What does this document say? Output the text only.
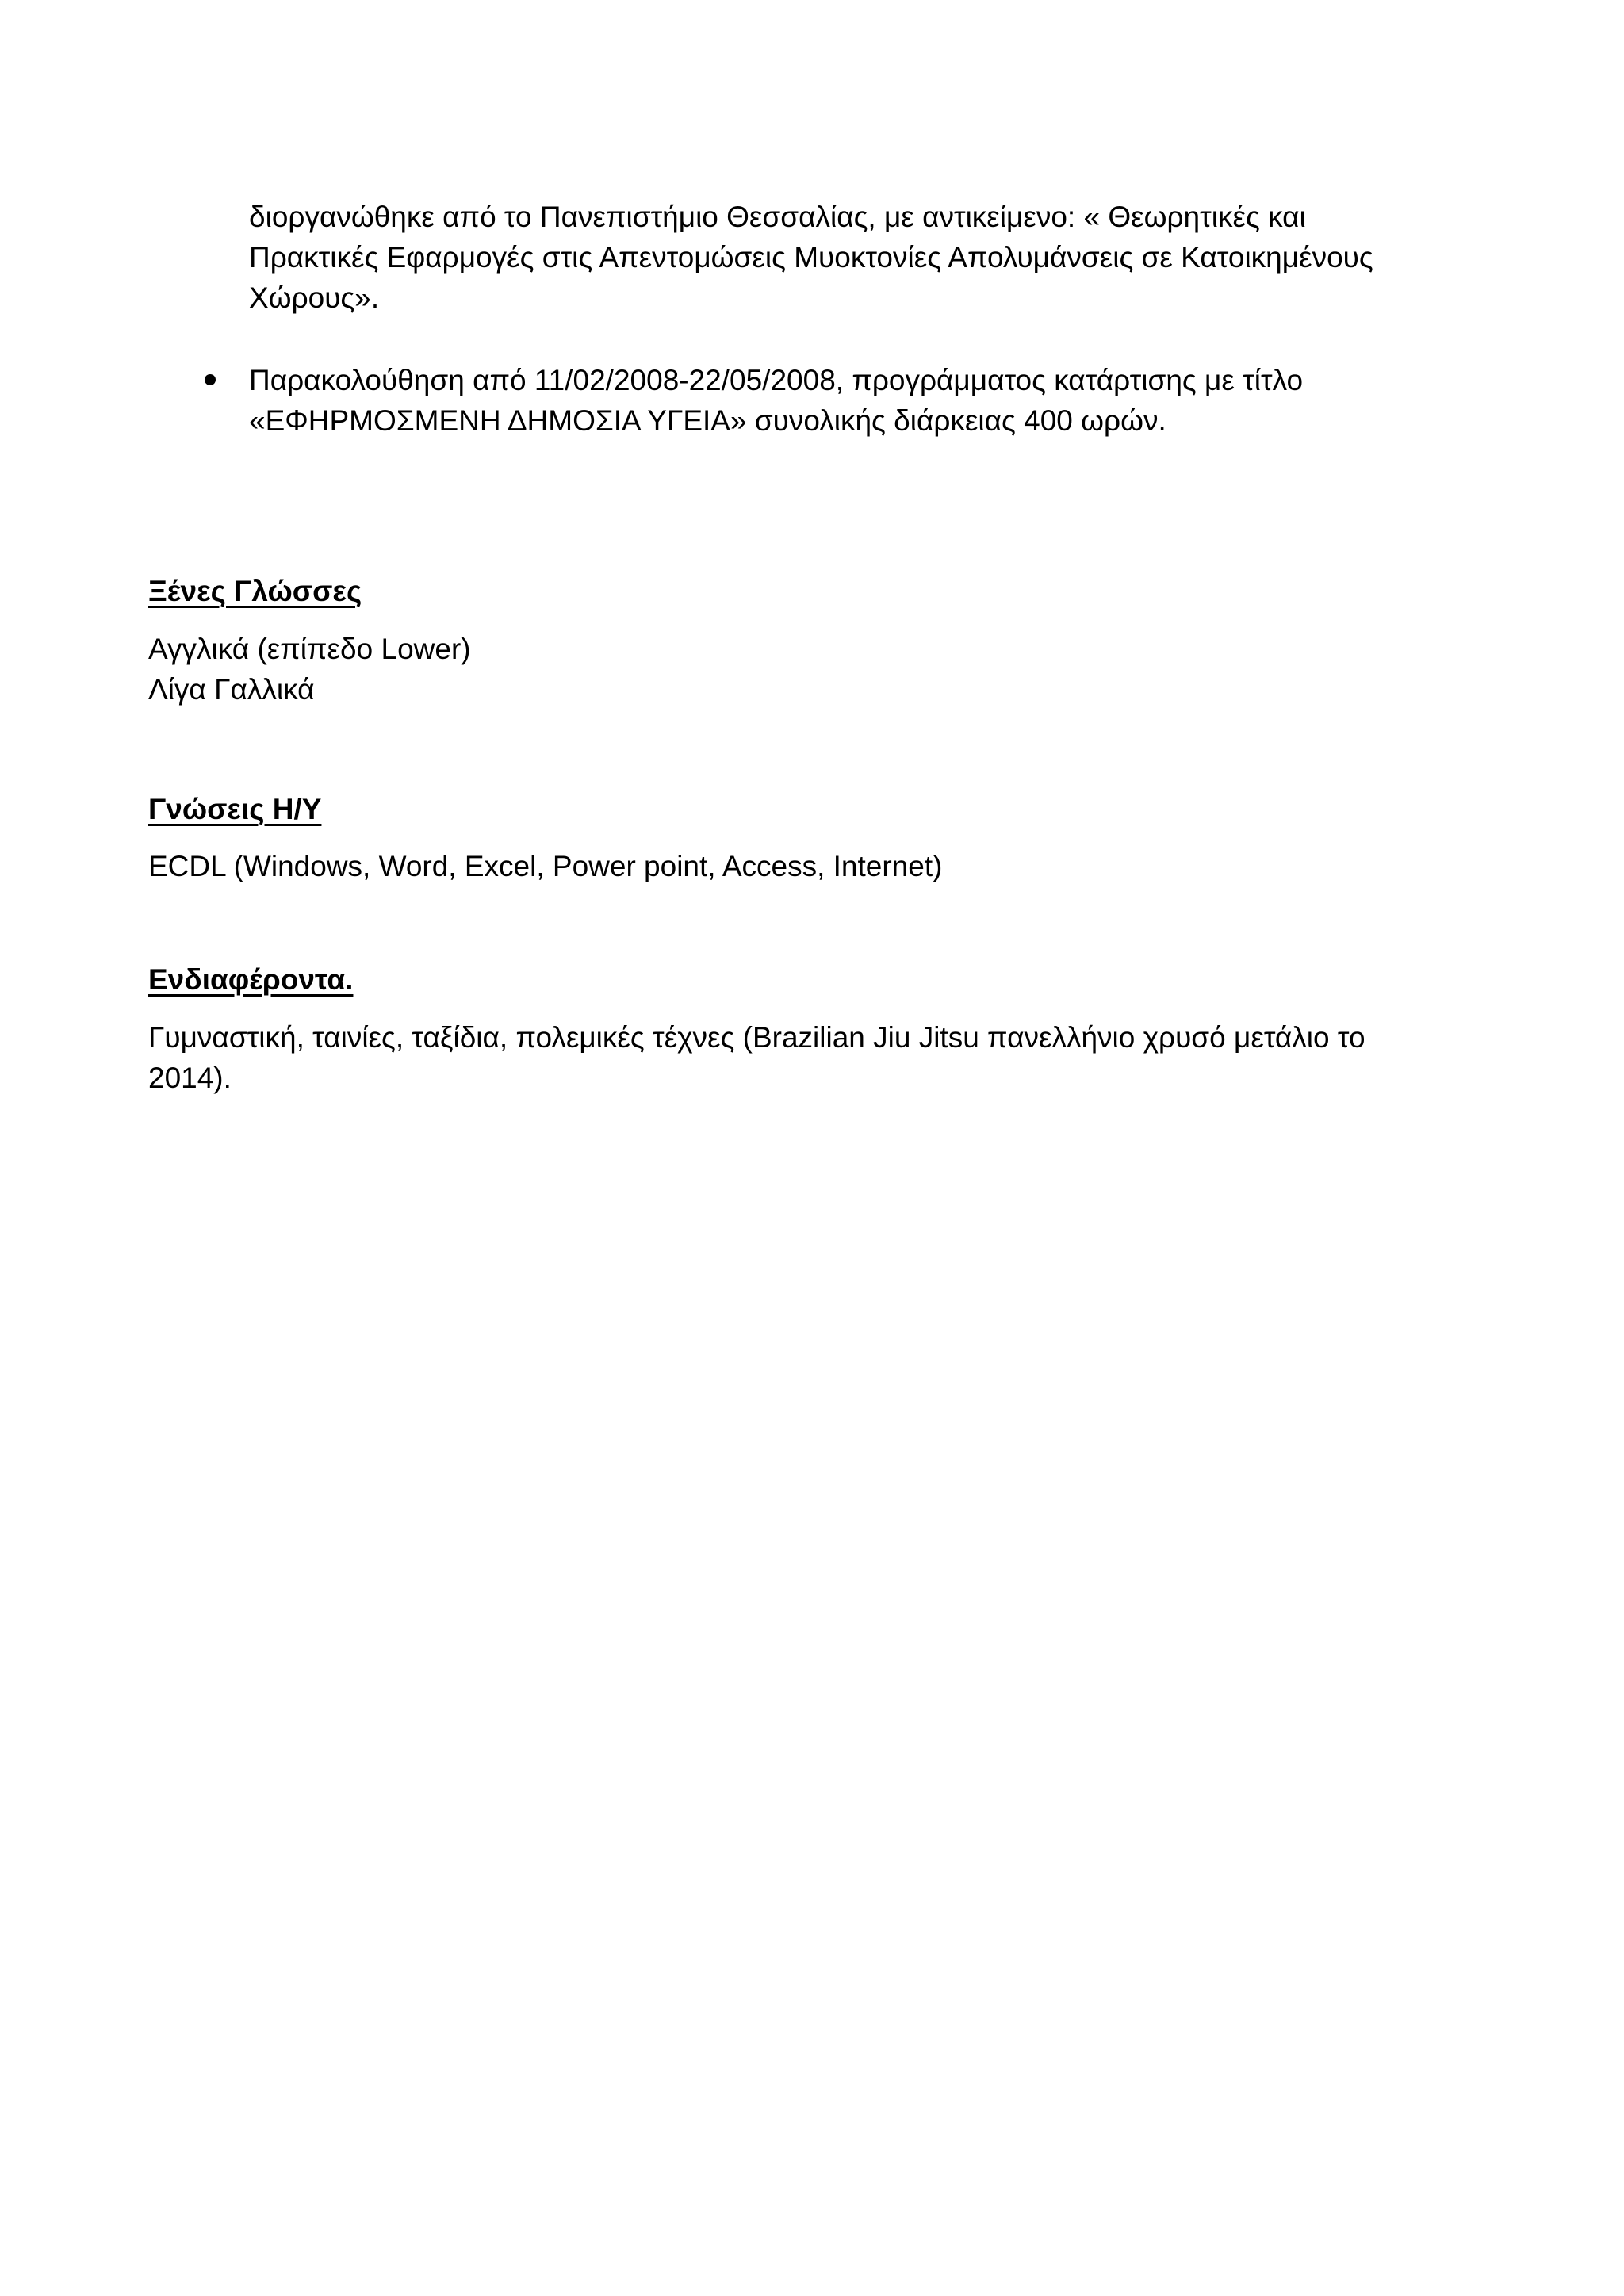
διοργανώθηκε από το Πανεπιστήμιο Θεσσαλίας, με αντικείμενο: « Θεωρητικές και
Πρακτικές Εφαρμογές στις Απεντομώσεις Μυοκτονίες Απολυμάνσεις σε Κατοικημένους
Χώρους».
Παρακολούθηση από 11/02/2008-22/05/2008, προγράμματος κατάρτισης με τίτλο
«ΕΦΗΡΜΟΣΜΕΝΗ ΔΗΜΟΣΙΑ ΥΓΕΙΑ» συνολικής διάρκειας 400 ωρών.
Ξένες Γλώσσες
Αγγλικά (επίπεδο Lower)
Λίγα Γαλλικά
Γνώσεις Η/Υ
ECDL (Windows, Word, Excel, Power point, Access, Internet)
Ενδιαφέροντα.
Γυμναστική, ταινίες, ταξίδια, πολεμικές τέχνες (Brazilian Jiu Jitsu πανελλήνιο χρυσό μετάλιο το
2014).
